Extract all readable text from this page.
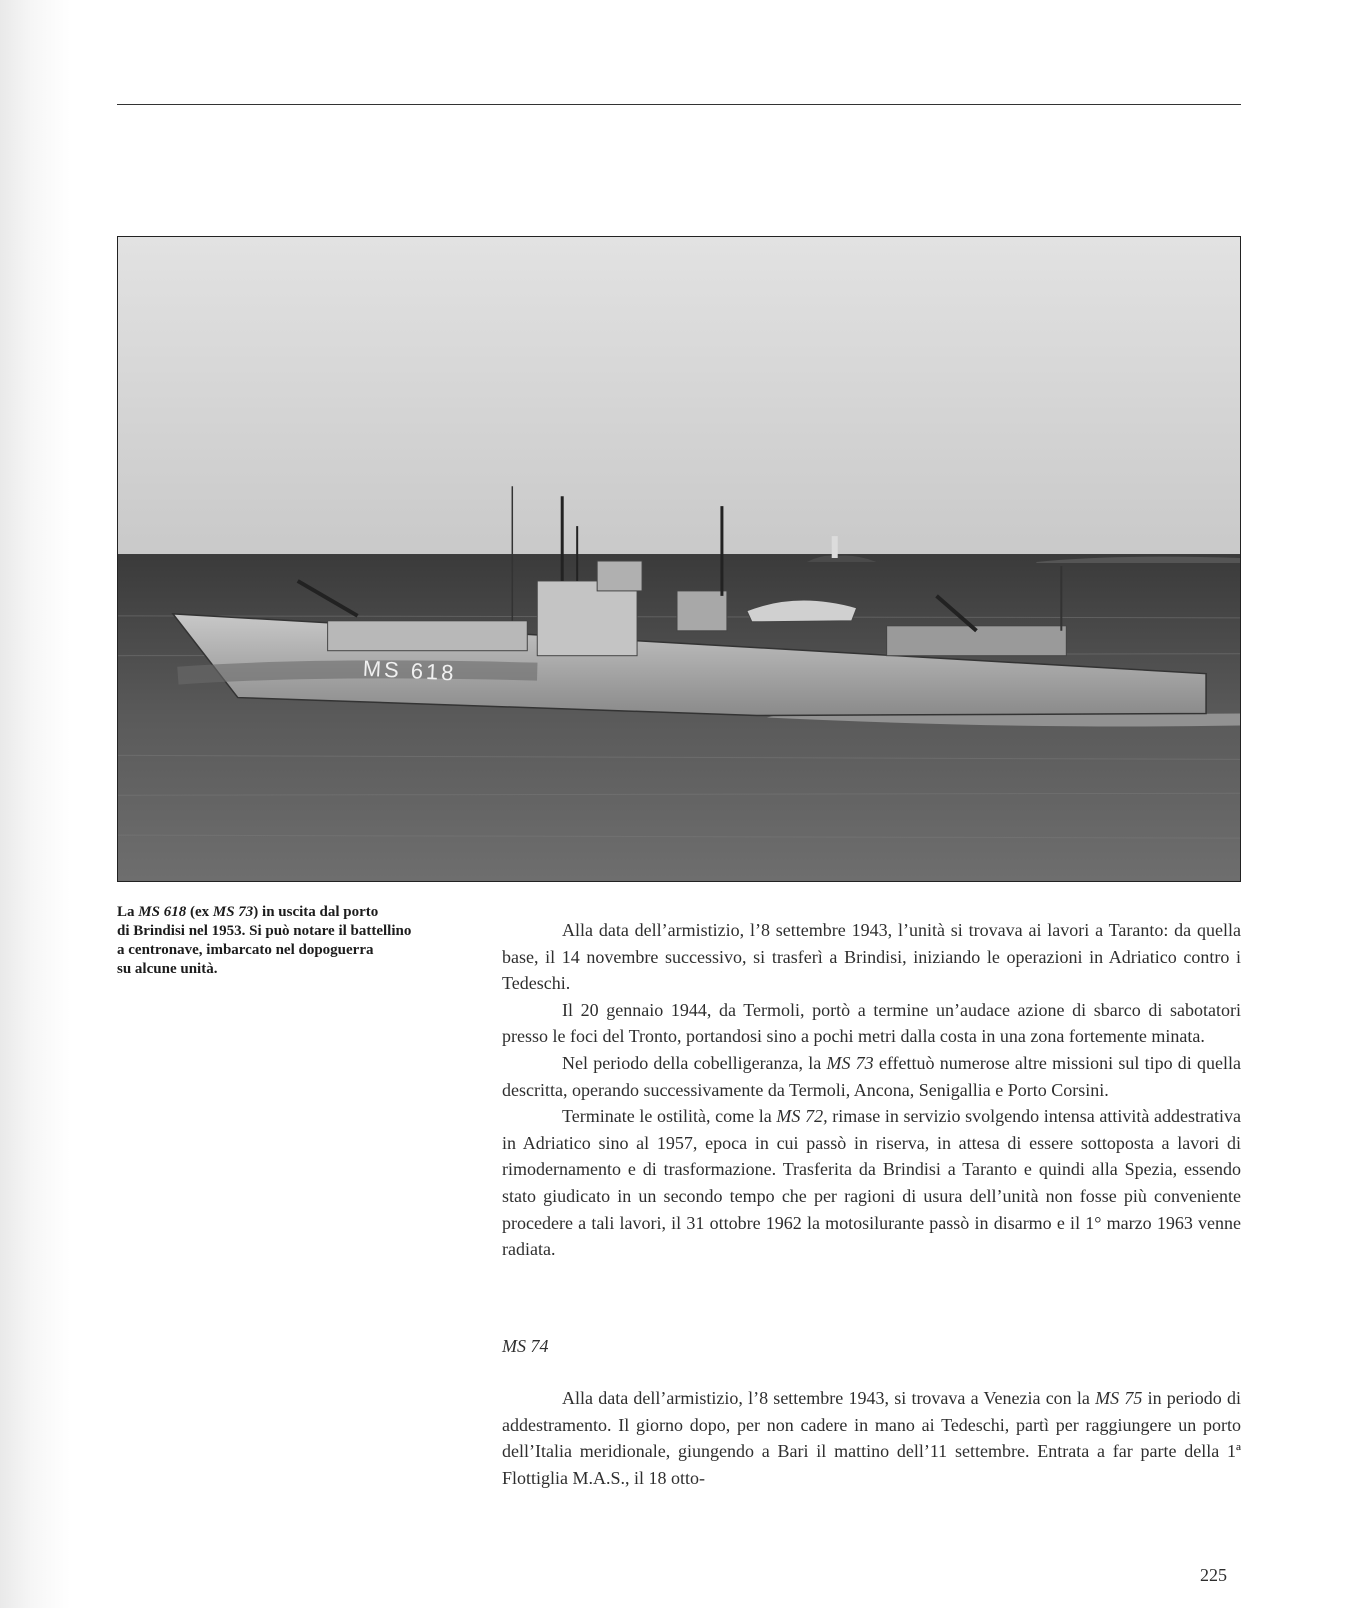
MS 618

La MS 618 (ex MS 73) in uscita dal porto

di Brindisi nel 1953. Si può notare il battellino

a centronave, imbarcato nel dopoguerra

su alcune unità.

Alla data dell’armistizio, l’8 settembre 1943, l’unità si trovava ai lavori a Taranto: da quella base, il 14 novembre successivo, si trasferì a Brindisi, iniziando le operazioni in Adriatico contro i Tedeschi.

Il 20 gennaio 1944, da Termoli, portò a termine un’audace azione di sbarco di sabotatori presso le foci del Tronto, portandosi sino a pochi metri dalla costa in una zona fortemente minata.

Nel periodo della cobelligeranza, la MS 73 effettuò numerose altre missioni sul tipo di quella descritta, operando successivamente da Termoli, Ancona, Senigallia e Porto Corsini.

Terminate le ostilità, come la MS 72, rimase in servizio svolgendo intensa attività addestrativa in Adriatico sino al 1957, epoca in cui passò in riserva, in attesa di essere sottoposta a lavori di rimodernamento e di trasformazione. Trasferita da Brindisi a Taranto e quindi alla Spezia, essendo stato giudicato in un secondo tempo che per ragioni di usura dell’unità non fosse più conveniente procedere a tali lavori, il 31 ottobre 1962 la motosilurante passò in disarmo e il 1° marzo 1963 venne radiata.

MS 74

Alla data dell’armistizio, l’8 settembre 1943, si trovava a Venezia con la MS 75 in periodo di addestramento. Il giorno dopo, per non cadere in mano ai Tedeschi, partì per raggiungere un porto dell’Italia meridionale, giungendo a Bari il mattino dell’11 settembre. Entrata a far parte della 1ª Flottiglia M.A.S., il 18 otto-

225
